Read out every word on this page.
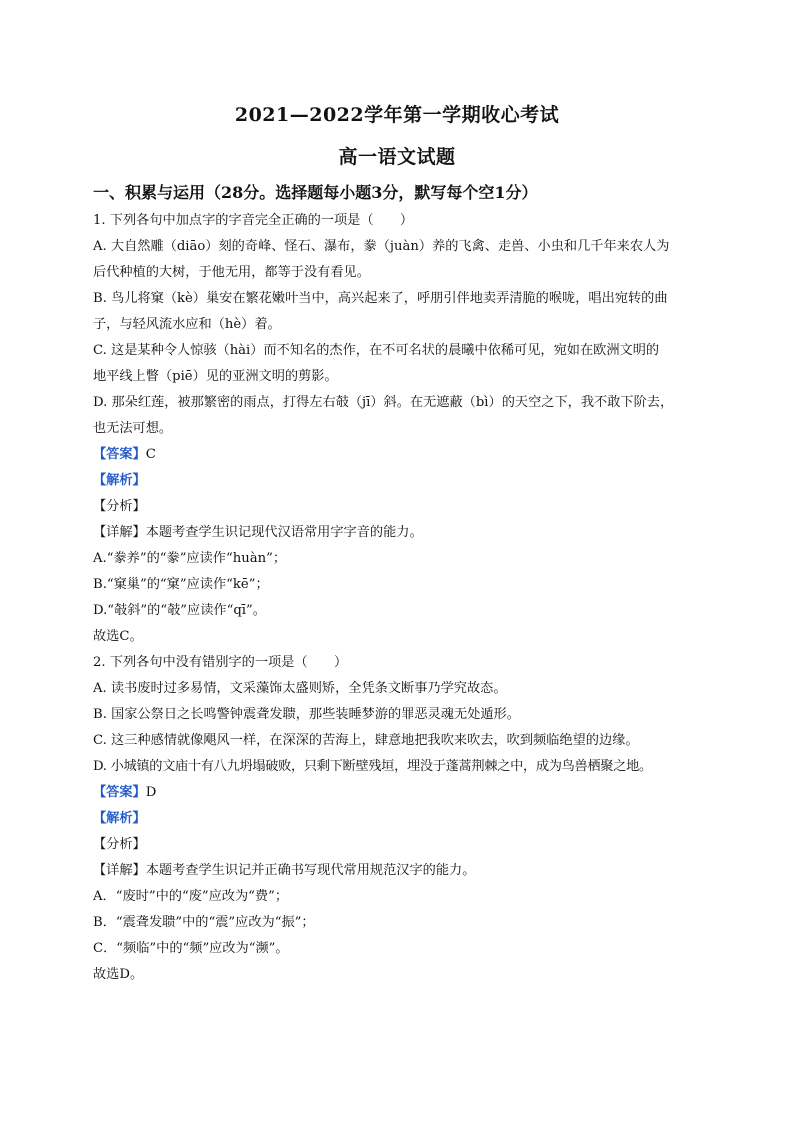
2021—2022学年第一学期收心考试
高一语文试题
一、积累与运用（28分。选择题每小题3分，默写每个空1分）
1. 下列各句中加点字的字音完全正确的一项是（　　）
A. 大自然雕（diāo）刻的奇峰、怪石、瀑布，豢（juàn）养的飞禽、走兽、小虫和几千年来农人为
后代种植的大树，于他无用，都等于没有看见。
B. 鸟儿将窠（kè）巢安在繁花嫩叶当中，高兴起来了，呼朋引伴地卖弄清脆的喉咙，唱出宛转的曲
子，与轻风流水应和（hè）着。
C. 这是某种令人惊骇（hài）而不知名的杰作，在不可名状的晨曦中依稀可见，宛如在欧洲文明的
地平线上瞥（piē）见的亚洲文明的剪影。
D. 那朵红莲，被那繁密的雨点，打得左右攲（jī）斜。在无遮蔽（bì）的天空之下，我不敢下阶去，
也无法可想。
【答案】C
【解析】
【分析】
【详解】本题考查学生识记现代汉语常用字字音的能力。
A.“豢养”的“豢”应读作“huàn”；
B.“窠巢”的“窠”应读作“kē”；
D.“攲斜”的“攲”应读作“qī”。
故选C。
2. 下列各句中没有错别字的一项是（　　）
A. 读书废时过多易情，文采藻饰太盛则矫，全凭条文断事乃学究故态。
B. 国家公祭日之长鸣警钟震聋发聩，那些装睡梦游的罪恶灵魂无处遁形。
C. 这三种感情就像飓风一样，在深深的苦海上，肆意地把我吹来吹去，吹到频临绝望的边缘。
D. 小城镇的文庙十有八九坍塌破败，只剩下断壁残垣，埋没于蓬蒿荆棘之中，成为鸟兽栖聚之地。
【答案】D
【解析】
【分析】
【详解】本题考查学生识记并正确书写现代常用规范汉字的能力。
A．“废时”中的“废”应改为“费”；
B．“震聋发聩”中的“震”应改为“振”；
C．“频临”中的“频”应改为“濒”。
故选D。
